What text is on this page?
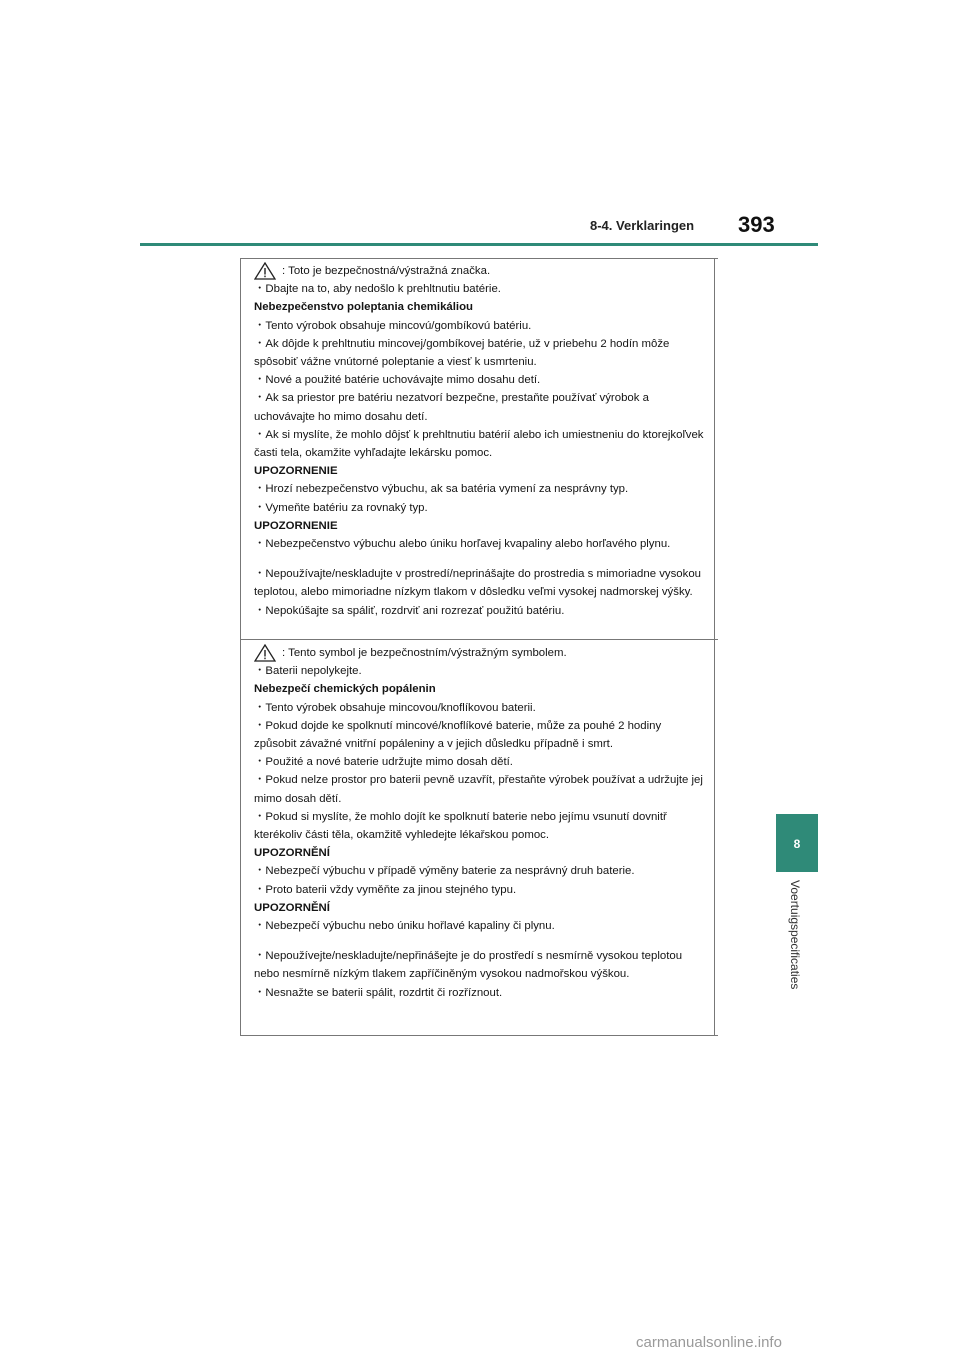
8-4. Verklaringen 393
8
Voertuigspecificaties

: Toto je bezpečnostná/výstražná značka.

・Dbajte na to, aby nedošlo k prehltnutiu batérie.

Nebezpečenstvo poleptania chemikáliou

・Tento výrobok obsahuje mincovú/gombíkovú batériu.

・Ak dôjde k prehltnutiu mincovej/gombíkovej batérie, už v priebehu 2 hodín môže spôsobiť vážne vnútorné poleptanie a viesť k usmrteniu.

・Nové a použité batérie uchovávajte mimo dosahu detí.

・Ak sa priestor pre batériu nezatvorí bezpečne, prestaňte používať výrobok a uchovávajte ho mimo dosahu detí.

・Ak si myslíte, že mohlo dôjsť k prehltnutiu batérií alebo ich umiestneniu do ktorejkoľvek časti tela, okamžite vyhľadajte lekársku pomoc.

UPOZORNENIE

・Hrozí nebezpečenstvo výbuchu, ak sa batéria vymení za nesprávny typ.

・Vymeňte batériu za rovnaký typ.

UPOZORNENIE

・Nebezpečenstvo výbuchu alebo úniku horľavej kvapaliny alebo horľavého plynu.

・Nepoužívajte/neskladujte v prostredí/neprinášajte do prostredia s mimoriadne vysokou teplotou, alebo mimoriadne nízkym tlakom v dôsledku veľmi vysokej nadmorskej výšky.

・Nepokúšajte sa spáliť, rozdrviť ani rozrezať použitú batériu.

: Tento symbol je bezpečnostním/výstražným symbolem.

・Baterii nepolykejte.

Nebezpečí chemických popálenin

・Tento výrobek obsahuje mincovou/knoflíkovou baterii.

・Pokud dojde ke spolknutí mincové/knoflíkové baterie, může za pouhé 2 hodiny způsobit závažné vnitřní popáleniny a v jejich důsledku případně i smrt.

・Použité a nové baterie udržujte mimo dosah dětí.

・Pokud nelze prostor pro baterii pevně uzavřít, přestaňte výrobek používat a udržujte jej mimo dosah dětí.

・Pokud si myslíte, že mohlo dojít ke spolknutí baterie nebo jejímu vsunutí dovnitř kterékoliv části těla, okamžitě vyhledejte lékařskou pomoc.

UPOZORNĚNÍ

・Nebezpečí výbuchu v případě výměny baterie za nesprávný druh baterie.

・Proto baterii vždy vyměňte za jinou stejného typu.

UPOZORNĚNÍ

・Nebezpečí výbuchu nebo úniku hořlavé kapaliny či plynu.

・Nepoužívejte/neskladujte/nepřinášejte je do prostředí s nesmírně vysokou teplotou nebo nesmírně nízkým tlakem zapříčiněným vysokou nadmořskou výškou.

・Nesnažte se baterii spálit, rozdrtit či rozříznout.

carmanualsonline.info
